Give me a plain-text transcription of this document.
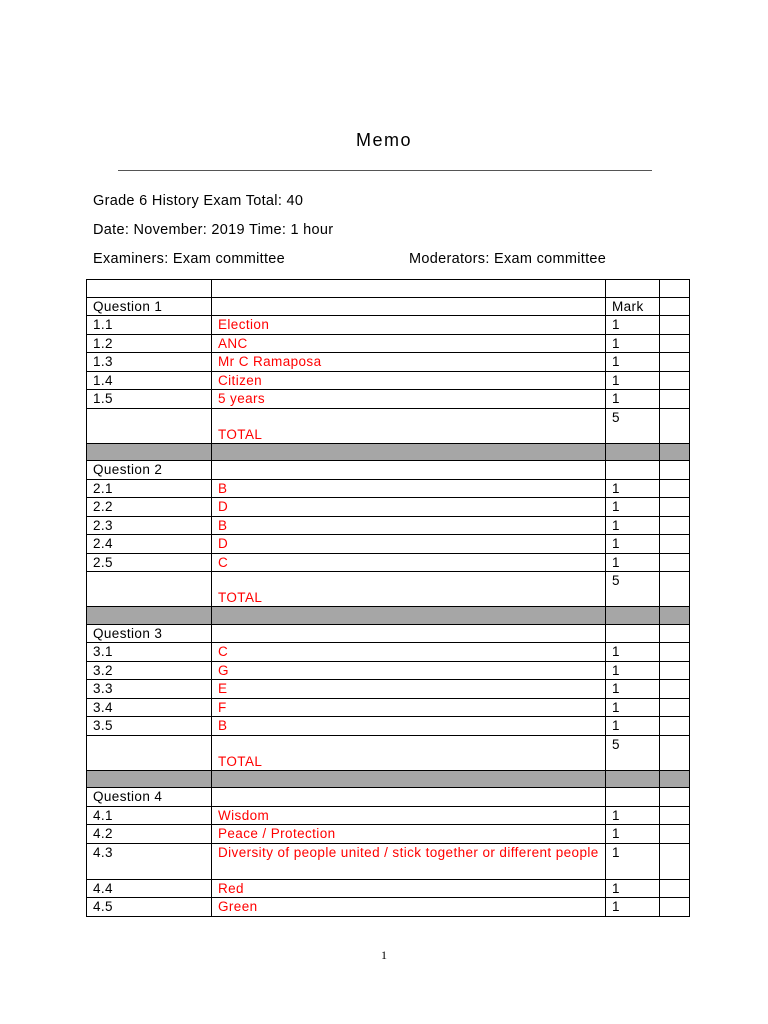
Memo
Grade 6 History Exam Total: 40
Date: November: 2019 Time: 1 hour
Examiners: Exam committee	Moderators: Exam committee

Question 1		Mark	
1.1	Election	1	
1.2	ANC	1	
1.3	Mr C Ramaposa	1	
1.4	Citizen	1	
1.5	5 years	1	
	TOTAL	5	

Question 2			
2.1	B	1	
2.2	D	1	
2.3	B	1	
2.4	D	1	
2.5	C	1	
	TOTAL	5	

Question 3			
3.1	C	1	
3.2	G	1	
3.3	E	1	
3.4	F	1	
3.5	B	1	
	TOTAL	5	

Question 4			
4.1	Wisdom	1	
4.2	Peace / Protection	1	
4.3	Diversity of people united / stick together or different people	1	
4.4	Red	1	
4.5	Green	1	
1
